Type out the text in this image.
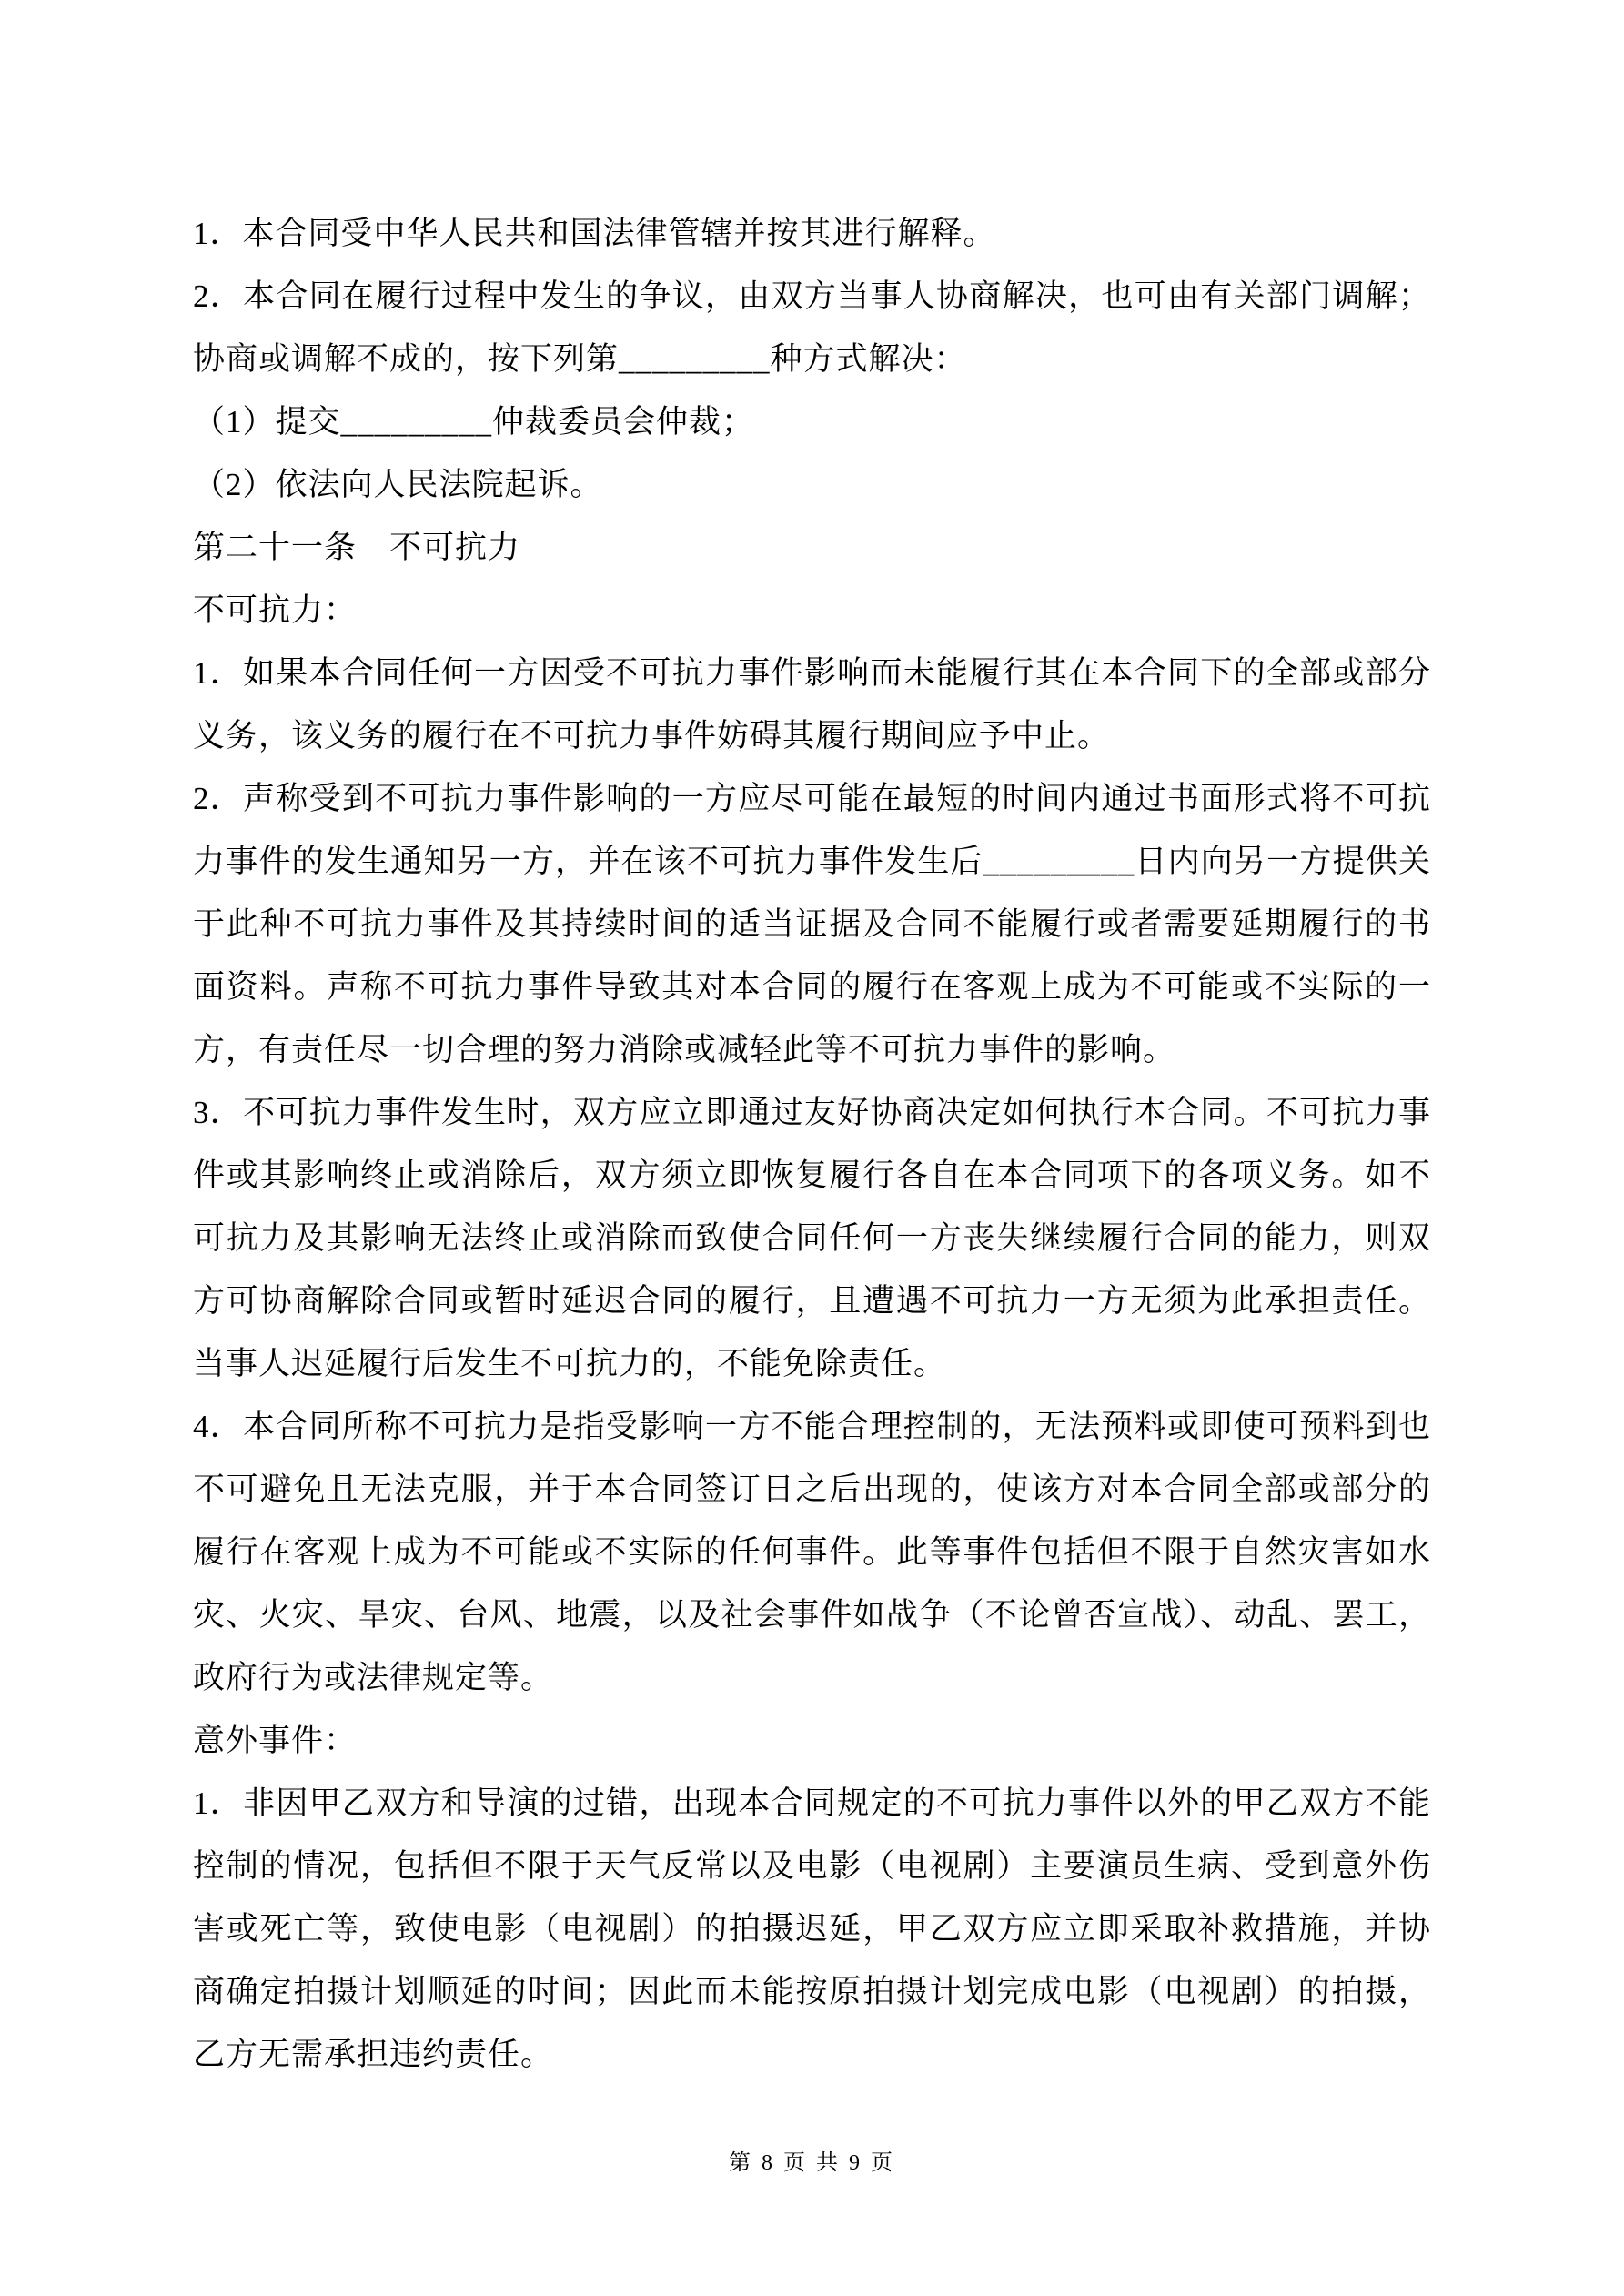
1．本合同受中华人民共和国法律管辖并按其进行解释。

2．本合同在履行过程中发生的争议，由双方当事人协商解决，也可由有关部门调解；协商或调解不成的，按下列第_________种方式解决：

（1）提交_________仲裁委员会仲裁；

（2）依法向人民法院起诉。

第二十一条　不可抗力

不可抗力：

1．如果本合同任何一方因受不可抗力事件影响而未能履行其在本合同下的全部或部分义务，该义务的履行在不可抗力事件妨碍其履行期间应予中止。

2．声称受到不可抗力事件影响的一方应尽可能在最短的时间内通过书面形式将不可抗力事件的发生通知另一方，并在该不可抗力事件发生后_________日内向另一方提供关于此种不可抗力事件及其持续时间的适当证据及合同不能履行或者需要延期履行的书面资料。声称不可抗力事件导致其对本合同的履行在客观上成为不可能或不实际的一方，有责任尽一切合理的努力消除或减轻此等不可抗力事件的影响。

3．不可抗力事件发生时，双方应立即通过友好协商决定如何执行本合同。不可抗力事件或其影响终止或消除后，双方须立即恢复履行各自在本合同项下的各项义务。如不可抗力及其影响无法终止或消除而致使合同任何一方丧失继续履行合同的能力，则双方可协商解除合同或暂时延迟合同的履行，且遭遇不可抗力一方无须为此承担责任。当事人迟延履行后发生不可抗力的，不能免除责任。

4．本合同所称不可抗力是指受影响一方不能合理控制的，无法预料或即使可预料到也不可避免且无法克服，并于本合同签订日之后出现的，使该方对本合同全部或部分的履行在客观上成为不可能或不实际的任何事件。此等事件包括但不限于自然灾害如水灾、火灾、旱灾、台风、地震，以及社会事件如战争（不论曾否宣战）、动乱、罢工，政府行为或法律规定等。

意外事件：

1．非因甲乙双方和导演的过错，出现本合同规定的不可抗力事件以外的甲乙双方不能控制的情况，包括但不限于天气反常以及电影（电视剧）主要演员生病、受到意外伤害或死亡等，致使电影（电视剧）的拍摄迟延，甲乙双方应立即采取补救措施，并协商确定拍摄计划顺延的时间；因此而未能按原拍摄计划完成电影（电视剧）的拍摄，乙方无需承担违约责任。

第 8 页 共 9 页
